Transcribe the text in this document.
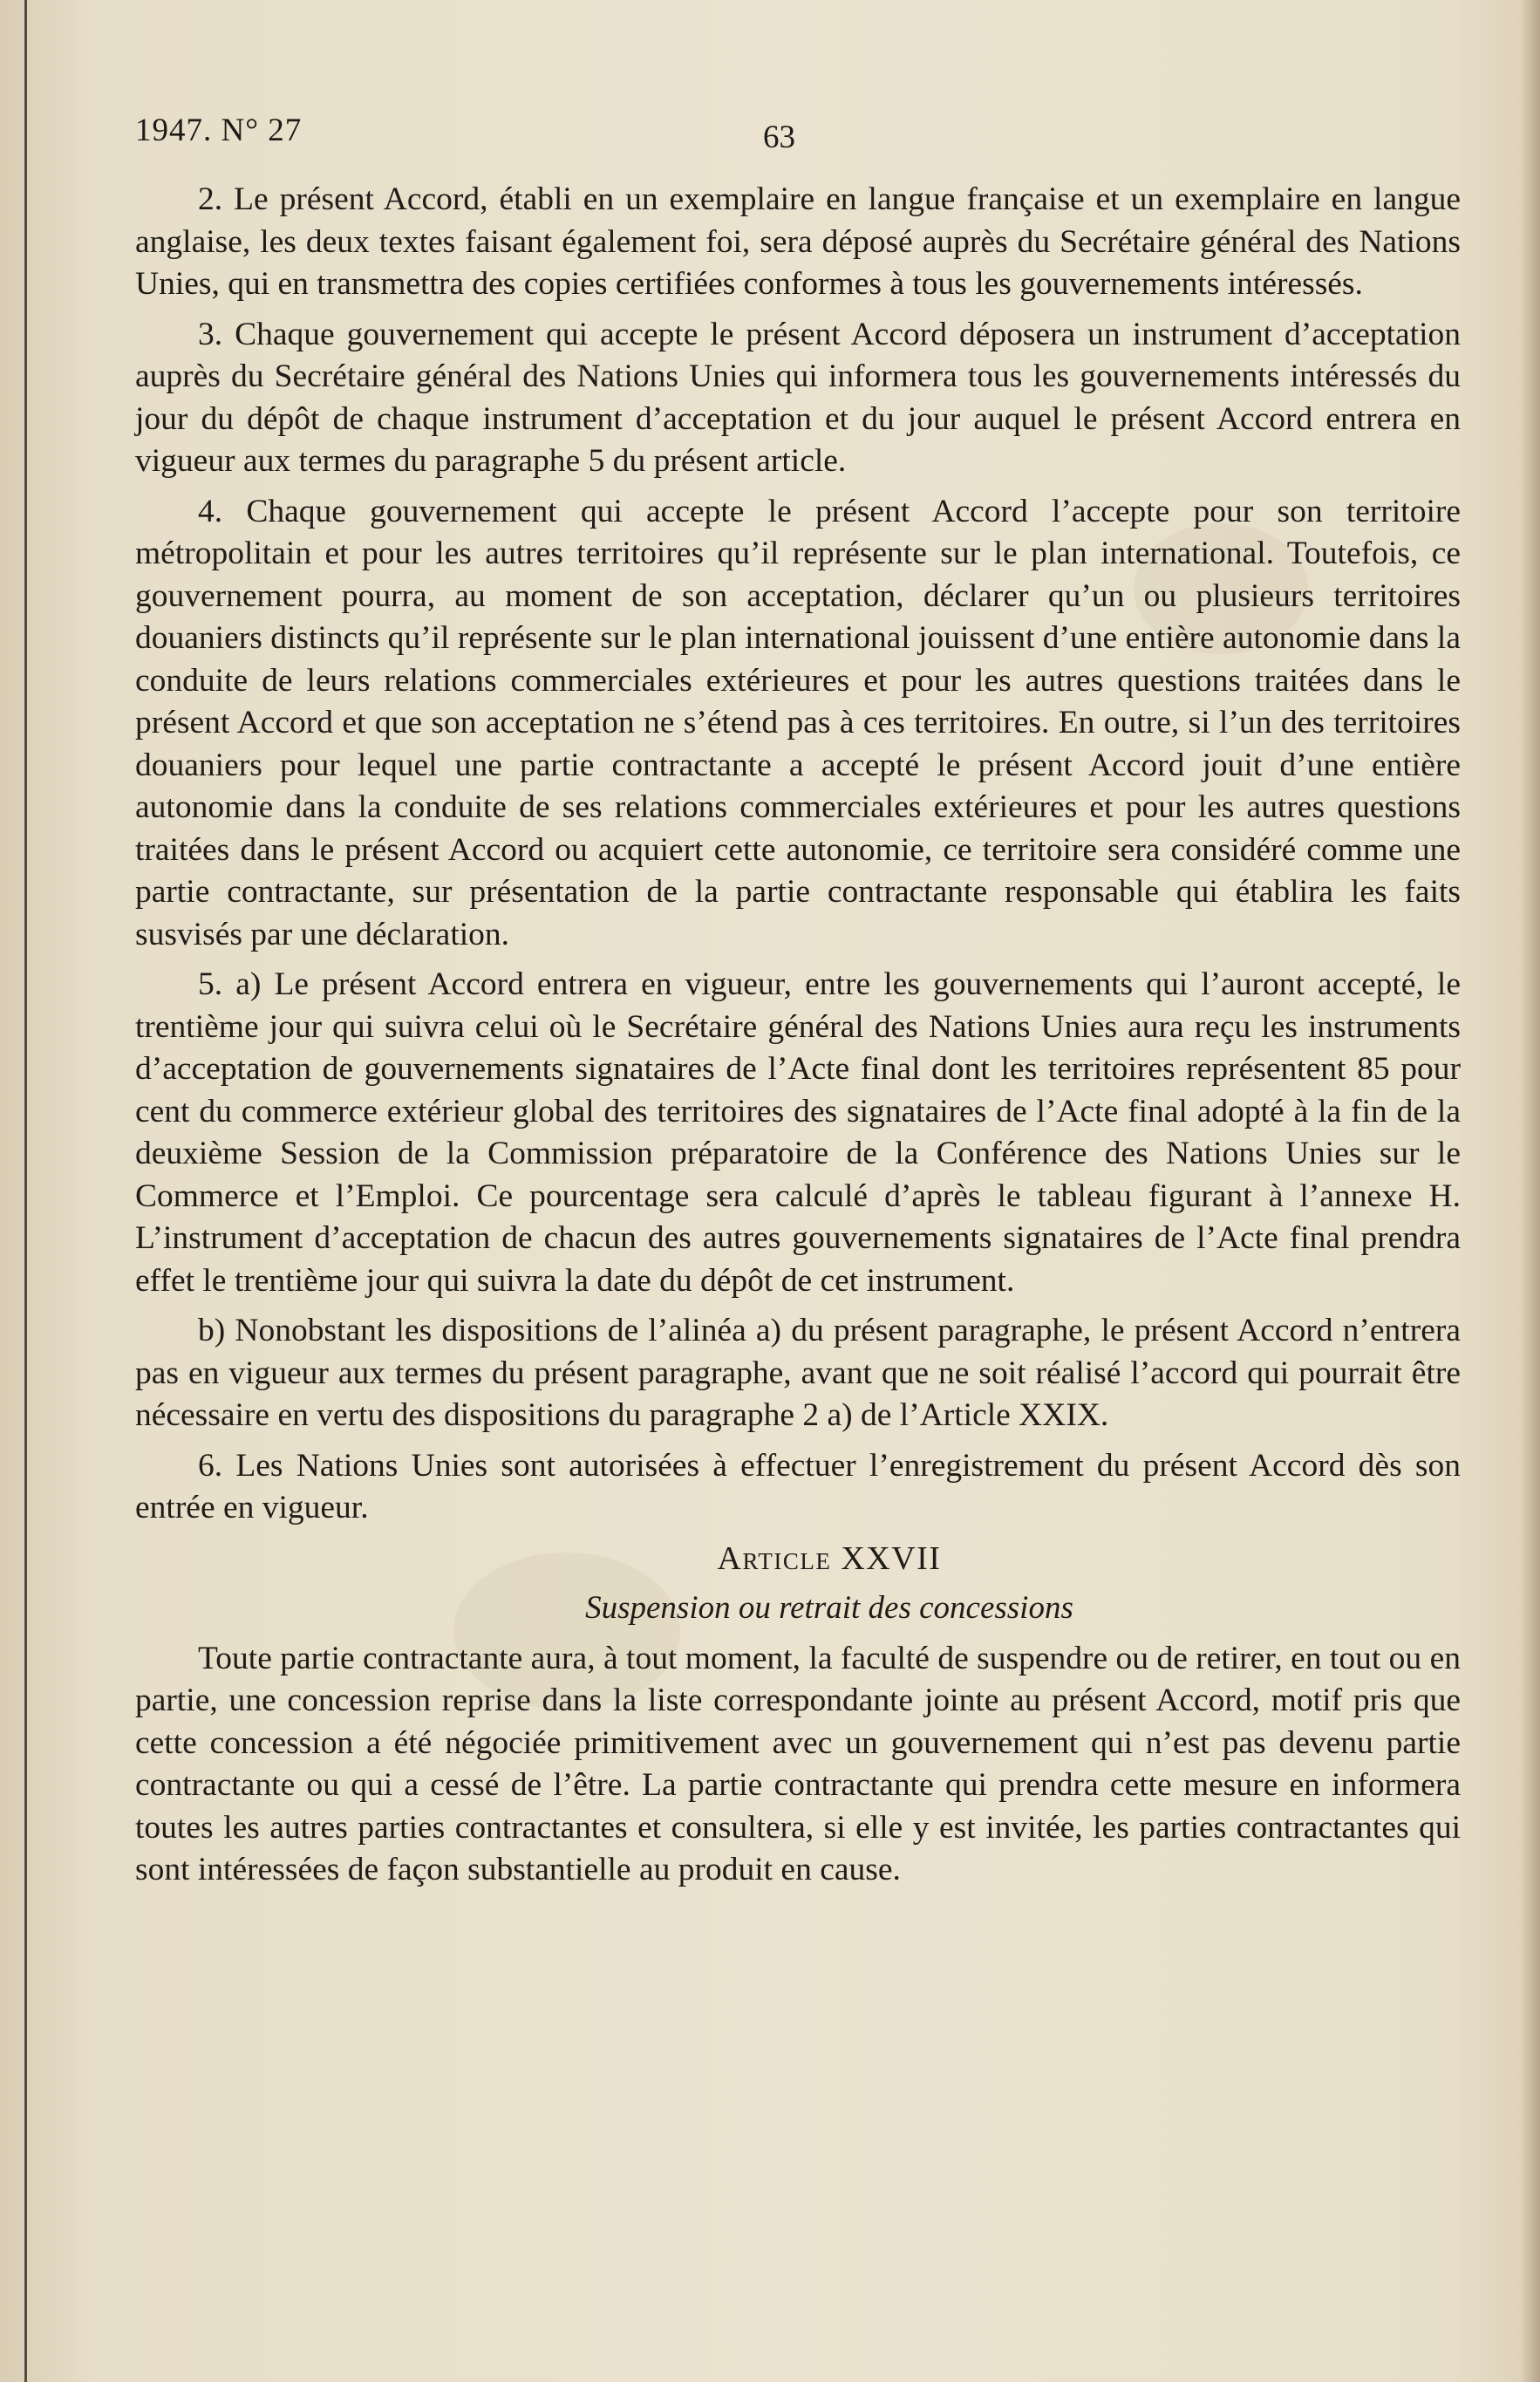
1947. N° 27	63

2. Le présent Accord, établi en un exemplaire en langue française et un exemplaire en langue anglaise, les deux textes faisant également foi, sera déposé auprès du Secrétaire général des Nations Unies, qui en transmettra des copies certifiées conformes à tous les gouvernements intéressés.

3. Chaque gouvernement qui accepte le présent Accord déposera un instrument d’acceptation auprès du Secrétaire général des Nations Unies qui informera tous les gouvernements intéressés du jour du dépôt de chaque instrument d’acceptation et du jour auquel le présent Accord entrera en vigueur aux termes du paragraphe 5 du présent article.

4. Chaque gouvernement qui accepte le présent Accord l’accepte pour son territoire métropolitain et pour les autres territoires qu’il représente sur le plan international. Toutefois, ce gouvernement pourra, au moment de son acceptation, déclarer qu’un ou plusieurs territoires douaniers distincts qu’il représente sur le plan international jouissent d’une entière autonomie dans la conduite de leurs relations commerciales extérieures et pour les autres questions traitées dans le présent Accord et que son acceptation ne s’étend pas à ces territoires. En outre, si l’un des territoires douaniers pour lequel une partie contractante a accepté le présent Accord jouit d’une entière autonomie dans la conduite de ses relations commerciales extérieures et pour les autres questions traitées dans le présent Accord ou acquiert cette autonomie, ce territoire sera considéré comme une partie contractante, sur présentation de la partie contractante responsable qui établira les faits susvisés par une déclaration.

5. a) Le présent Accord entrera en vigueur, entre les gouvernements qui l’auront accepté, le trentième jour qui suivra celui où le Secrétaire général des Nations Unies aura reçu les instruments d’acceptation de gouvernements signataires de l’Acte final dont les territoires représentent 85 pour cent du commerce extérieur global des territoires des signataires de l’Acte final adopté à la fin de la deuxième Session de la Commission préparatoire de la Conférence des Nations Unies sur le Commerce et l’Emploi. Ce pourcentage sera calculé d’après le tableau figurant à l’annexe H. L’instrument d’acceptation de chacun des autres gouvernements signataires de l’Acte final prendra effet le trentième jour qui suivra la date du dépôt de cet instrument.

b) Nonobstant les dispositions de l’alinéa a) du présent paragraphe, le présent Accord n’entrera pas en vigueur aux termes du présent paragraphe, avant que ne soit réalisé l’accord qui pourrait être nécessaire en vertu des dispositions du paragraphe 2 a) de l’Article XXIX.

6. Les Nations Unies sont autorisées à effectuer l’enregistrement du présent Accord dès son entrée en vigueur.

Article XXVII

Suspension ou retrait des concessions

Toute partie contractante aura, à tout moment, la faculté de suspendre ou de retirer, en tout ou en partie, une concession reprise dans la liste correspondante jointe au présent Accord, motif pris que cette concession a été négociée primitivement avec un gouvernement qui n’est pas devenu partie contractante ou qui a cessé de l’être. La partie contractante qui prendra cette mesure en informera toutes les autres parties contractantes et consultera, si elle y est invitée, les parties contractantes qui sont intéressées de façon substantielle au produit en cause.
